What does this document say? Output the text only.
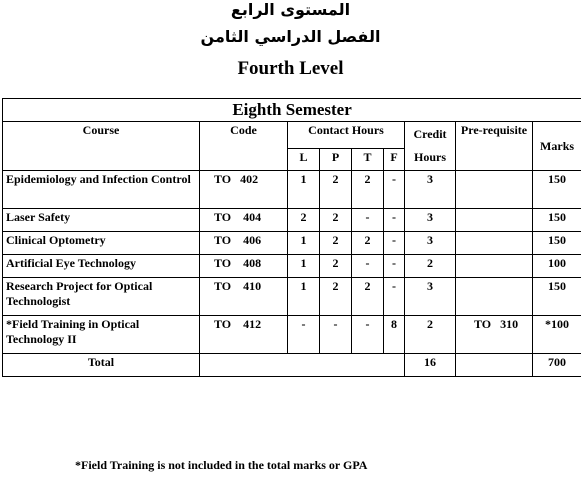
المستوى الرابع
الفصل الدراسي الثامن
Fourth Level
Eighth Semester								
Course	Code	Contact Hours				Credit Hours	Pre-requisite	Marks
		L	P	T	F			
Epidemiology and Infection Control	TO   402	1	2	2	-	3		150
Laser Safety	TO    404	2	2	-	-	3		150
Clinical Optometry	TO    406	1	2	2	-	3		150
Artificial Eye Technology	TO    408	1	2	-	-	2		100
Research Project for Optical Technologist	TO    410	1	2	2	-	3		150
*Field Training in Optical Technology II	TO    412	-	-	-	8	2	TO   310	*100
Total						16		700
*Field Training is not included in the total marks or GPA
